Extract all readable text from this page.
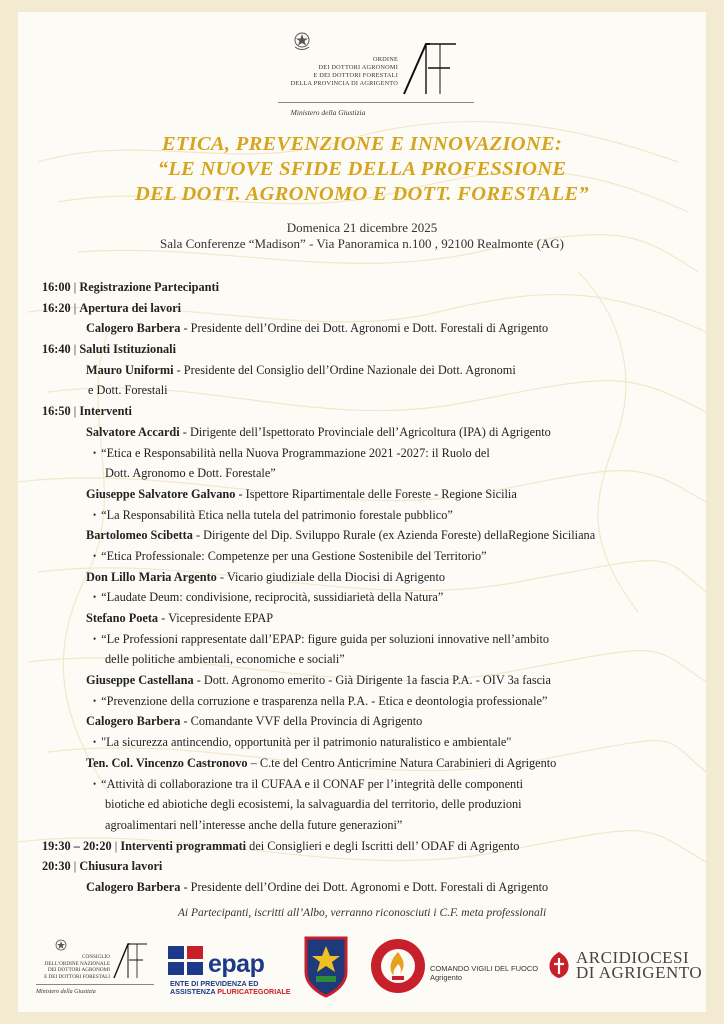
ORDINE
DEI DOTTORI AGRONOMI
E DEI DOTTORI FORESTALI
DELLA PROVINCIA DI AGRIGENTO
Ministero della Giustizia
ETICA, PREVENZIONE E INNOVAZIONE:
“LE NUOVE SFIDE DELLA PROFESSIONE
DEL DOTT. AGRONOMO E DOTT. FORESTALE”
Domenica 21 dicembre 2025
Sala Conferenze “Madison” - Via Panoramica n.100 , 92100 Realmonte (AG)
16:00 | Registrazione Partecipanti
16:20 | Apertura dei lavori
Calogero Barbera - Presidente dell’Ordine dei Dott. Agronomi e Dott. Forestali di Agrigento
16:40 | Saluti Istituzionali
Mauro Uniformi - Presidente del Consiglio dell’Ordine Nazionale dei Dott. Agronomi
e Dott. Forestali
16:50 | Interventi
Salvatore Accardi - Dirigente dell’Ispettorato Provinciale dell’Agricoltura (IPA) di Agrigento
• “Etica e Responsabilità nella Nuova Programmazione 2021 -2027: il Ruolo del
Dott. Agronomo e Dott. Forestale”
Giuseppe Salvatore Galvano - Ispettore Ripartimentale delle Foreste - Regione Sicilia
• “La Responsabilità Etica nella tutela del patrimonio forestale pubblico”
Bartolomeo Scibetta - Dirigente del Dip. Sviluppo Rurale (ex Azienda Foreste) dellaRegione Siciliana
• “Etica Professionale: Competenze per una Gestione Sostenibile del Territorio”
Don Lillo Maria Argento - Vicario giudiziale della Diocisi di Agrigento
• “Laudate Deum: condivisione, reciprocità, sussidiarietà della Natura”
Stefano Poeta - Vicepresidente EPAP
• “Le Professioni rappresentate dall’EPAP: figure guida per soluzioni innovative nell’ambito
delle politiche ambientali, economiche e sociali”
Giuseppe Castellana - Dott. Agronomo emerito - Già Dirigente 1a fascia P.A. - OIV 3a fascia
• “Prevenzione della corruzione e trasparenza nella P.A. - Etica e deontologia professionale”
Calogero Barbera - Comandante VVF della Provincia di Agrigento
• "La sicurezza antincendio, opportunità per il patrimonio naturalistico e ambientale"
Ten. Col. Vincenzo Castronovo – C.te del Centro Anticrimine Natura Carabinieri di Agrigento
• “Attività di collaborazione tra il CUFAA e il CONAF per l’integrità delle componenti
biotiche ed abiotiche degli ecosistemi, la salvaguardia del territorio, delle produzioni
agroalimentari nell’interesse anche della future generazioni”
19:30 – 20:20 | Interventi programmati dei Consiglieri e degli Iscritti dell’ ODAF di Agrigento
20:30 | Chiusura lavori
Calogero Barbera - Presidente dell’Ordine dei Dott. Agronomi e Dott. Forestali di Agrigento
Ai Partecipanti, iscritti all’Albo, verranno riconosciuti i C.F. meta professionali
CONSIGLIO
DELL’ORDINE NAZIONALE
DEI DOTTORI AGRONOMI
E DEI DOTTORI FORESTALI
Ministero della Giustizia
epap
ENTE DI PREVIDENZA ED
ASSISTENZA PLURICATEGORIALE
COMANDO VIGILI DEL FUOCO
Agrigento
ARCIDIOCESI
DI AGRIGENTO
